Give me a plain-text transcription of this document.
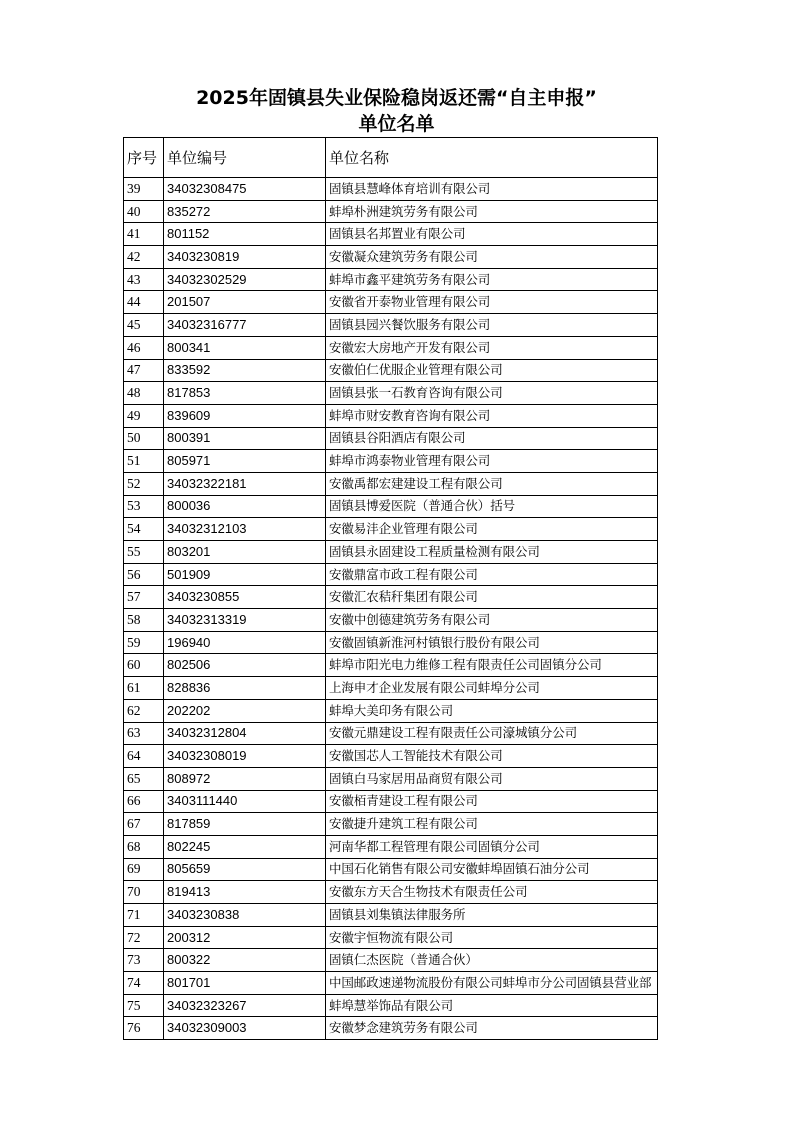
2025年固镇县失业保险稳岗返还需“自主申报”
单位名单
序号	单位编号	单位名称
39	34032308475	固镇县慧峰体育培训有限公司
40	835272	蚌埠朴洲建筑劳务有限公司
41	801152	固镇县名邦置业有限公司
42	3403230819	安徽凝众建筑劳务有限公司
43	34032302529	蚌埠市鑫平建筑劳务有限公司
44	201507	安徽省开泰物业管理有限公司
45	34032316777	固镇县园兴餐饮服务有限公司
46	800341	安徽宏大房地产开发有限公司
47	833592	安徽伯仁优服企业管理有限公司
48	817853	固镇县张一石教育咨询有限公司
49	839609	蚌埠市财安教育咨询有限公司
50	800391	固镇县谷阳酒店有限公司
51	805971	蚌埠市鸿泰物业管理有限公司
52	34032322181	安徽禹都宏建建设工程有限公司
53	800036	固镇县博爱医院（普通合伙）括号
54	34032312103	安徽易沣企业管理有限公司
55	803201	固镇县永固建设工程质量检测有限公司
56	501909	安徽鼎富市政工程有限公司
57	3403230855	安徽汇农秸秆集团有限公司
58	34032313319	安徽中创德建筑劳务有限公司
59	196940	安徽固镇新淮河村镇银行股份有限公司
60	802506	蚌埠市阳光电力维修工程有限责任公司固镇分公司
61	828836	上海申才企业发展有限公司蚌埠分公司
62	202202	蚌埠大美印务有限公司
63	34032312804	安徽元鼎建设工程有限责任公司濠城镇分公司
64	34032308019	安徽国芯人工智能技术有限公司
65	808972	固镇白马家居用品商贸有限公司
66	3403111440	安徽栢青建设工程有限公司
67	817859	安徽捷升建筑工程有限公司
68	802245	河南华都工程管理有限公司固镇分公司
69	805659	中国石化销售有限公司安徽蚌埠固镇石油分公司
70	819413	安徽东方天合生物技术有限责任公司
71	3403230838	固镇县刘集镇法律服务所
72	200312	安徽宇恒物流有限公司
73	800322	固镇仁杰医院（普通合伙）
74	801701	中国邮政速递物流股份有限公司蚌埠市分公司固镇县营业部
75	34032323267	蚌埠慧举饰品有限公司
76	34032309003	安徽梦念建筑劳务有限公司
